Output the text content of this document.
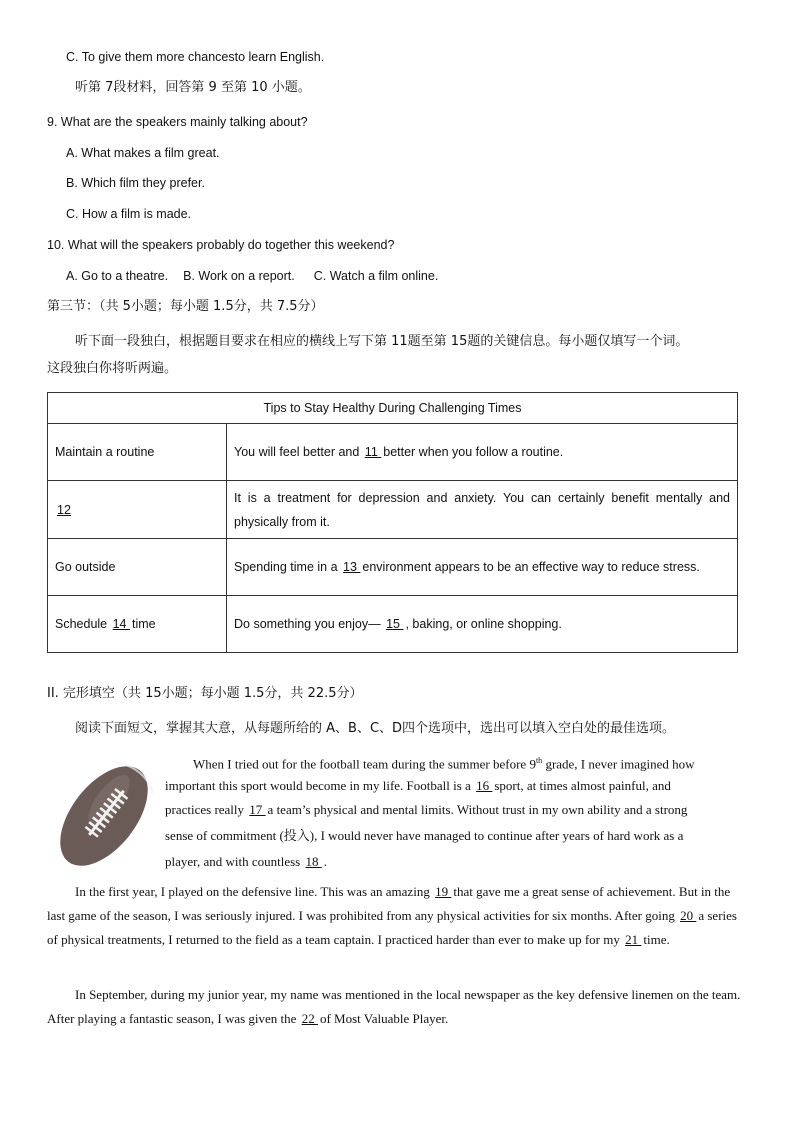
C. To give them more chancesto learn English.
听第 7段材料，回答第 9 至第 10 小题。
9. What are the speakers mainly talking about?
A. What makes a film great.
B. Which film they prefer.
C. How a film is made.
10. What will the speakers probably do together this weekend?
A. Go to a theatre. B. Work on a report. C. Watch a film online.
第三节：（共 5小题；每小题 1.5分，共 7.5分）
听下面一段独白，根据题目要求在相应的横线上写下第 11题至第 15题的关键信息。每小题仅填写一个词。
这段独白你将听两遍。
Tips to Stay Healthy During Challenging Times	
Maintain a routine	You will feel better and 11 better when you follow a routine.
12	It is a treatment for depression and anxiety. You can certainly benefit mentally and physically from it.
Go outside	Spending time in a 13 environment appears to be an effective way to reduce stress.
Schedule 14 time	Do something you enjoy— 15 , baking, or online shopping.
II. 完形填空（共 15小题；每小题 1.5分，共 22.5分）
阅读下面短文，掌握其大意，从每题所给的 A、B、C、D四个选项中，选出可以填入空白处的最佳选项。
When I tried out for the football team during the summer before 9th grade, I never imagined how
important this sport would become in my life. Football is a 16 sport, at times almost painful, and
practices really 17 a team’s physical and mental limits. Without trust in my own ability and a strong
sense of commitment (投入), I would never have managed to continue after years of hard work as a
player, and with countless 18 .
In the first year, I played on the defensive line. This was an amazing 19 that gave me a great sense of achievement. But in the last game of the season, I was seriously injured. I was prohibited from any physical activities for six months. After going 20 a series of physical treatments, I returned to the field as a team captain. I practiced harder than ever to make up for my 21 time.
In September, during my junior year, my name was mentioned in the local newspaper as the key defensive linemen on the team. After playing a fantastic season, I was given the 22 of Most Valuable Player.
